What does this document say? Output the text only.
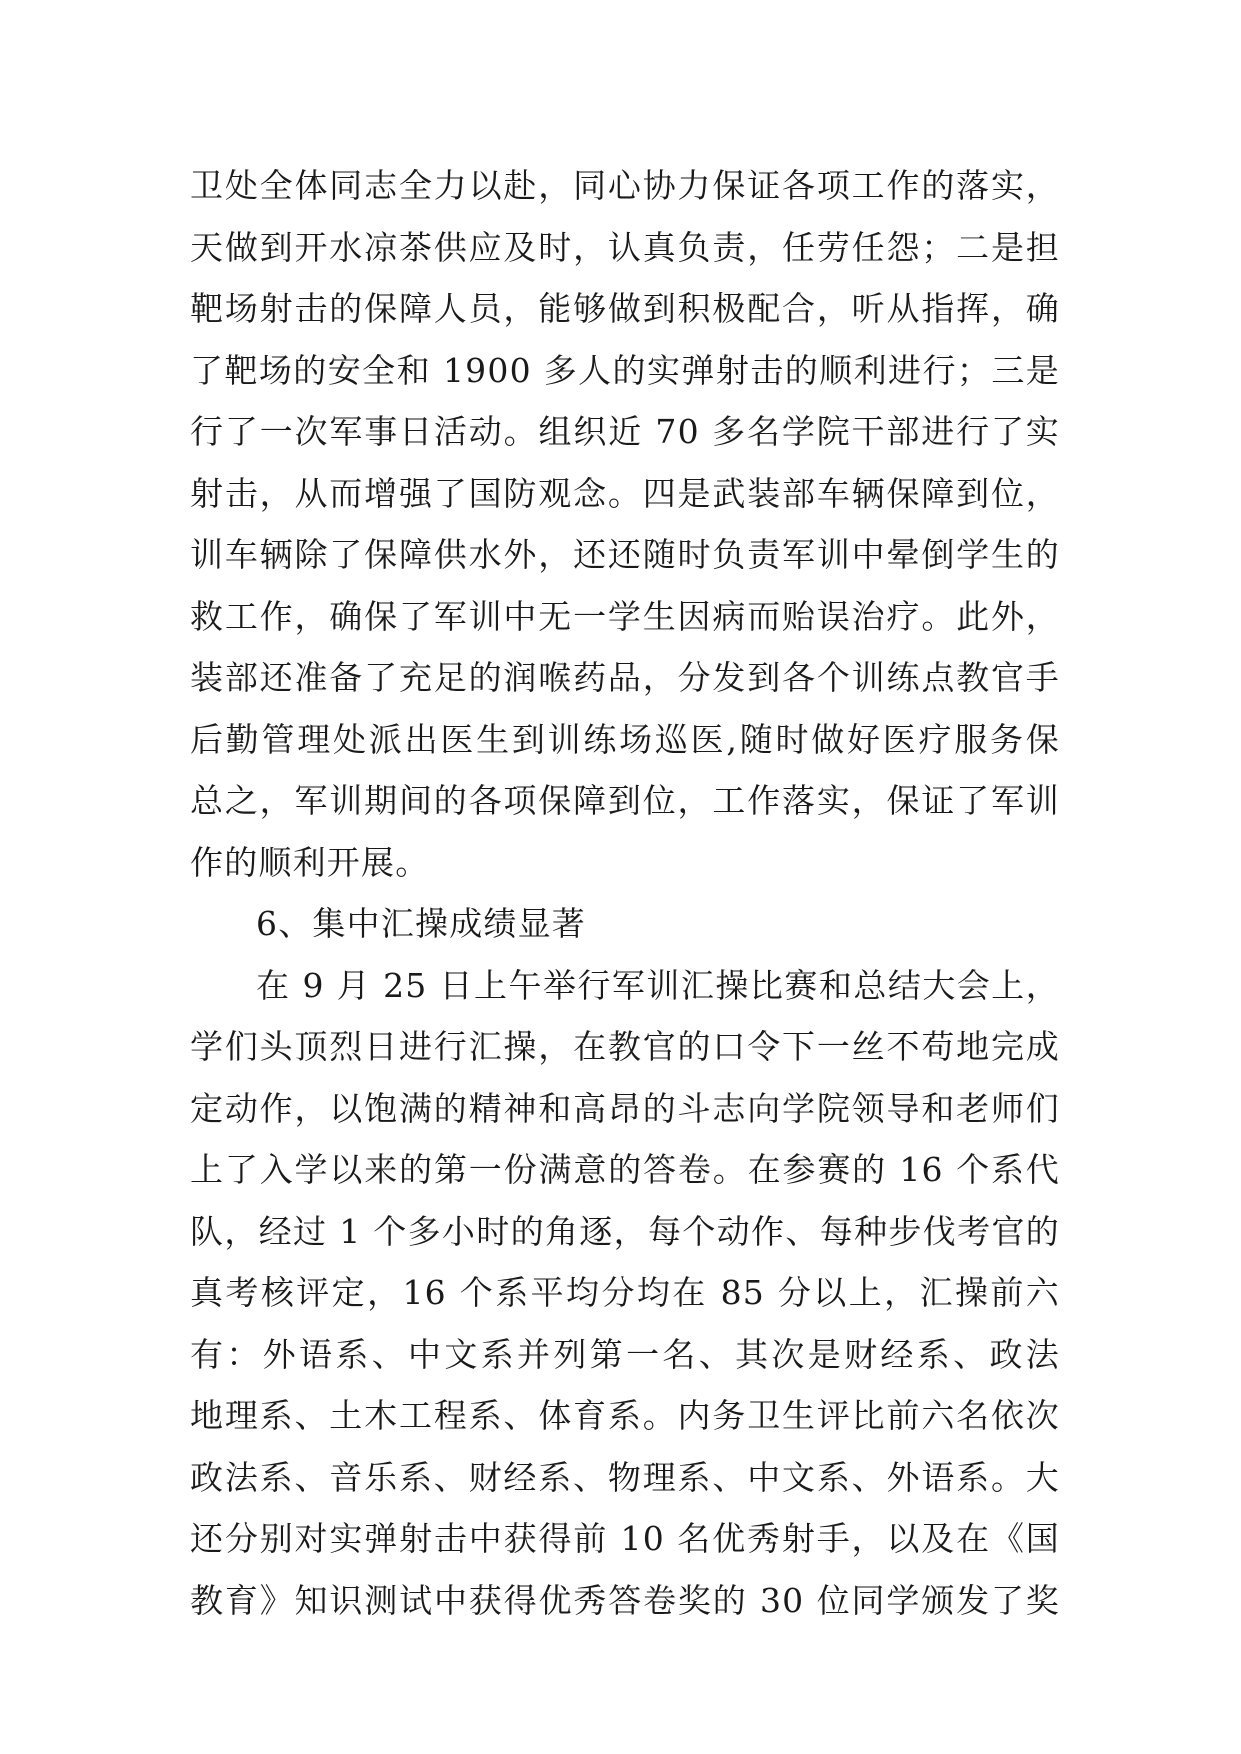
卫处全体同志全力以赴，同心协力保证各项工作的落实，
天做到开水凉茶供应及时，认真负责，任劳任怨；二是担
靶场射击的保障人员，能够做到积极配合，听从指挥，确
了靶场的安全和 1900 多人的实弹射击的顺利进行；三是
行了一次军事日活动。组织近 70 多名学院干部进行了实
射击，从而增强了国防观念。四是武装部车辆保障到位，
训车辆除了保障供水外，还还随时负责军训中晕倒学生的
救工作，确保了军训中无一学生因病而贻误治疗。此外，
装部还准备了充足的润喉药品，分发到各个训练点教官手
后勤管理处派出医生到训练场巡医,随时做好医疗服务保
总之，军训期间的各项保障到位，工作落实，保证了军训
作的顺利开展。
6、集中汇操成绩显著
在 9 月 25 日上午举行军训汇操比赛和总结大会上，
学们头顶烈日进行汇操，在教官的口令下一丝不苟地完成
定动作，以饱满的精神和高昂的斗志向学院领导和老师们
上了入学以来的第一份满意的答卷。在参赛的 16 个系代
队，经过 1 个多小时的角逐，每个动作、每种步伐考官的
真考核评定，16 个系平均分均在 85 分以上，汇操前六
有：外语系、中文系并列第一名、其次是财经系、政法
地理系、土木工程系、体育系。内务卫生评比前六名依次
政法系、音乐系、财经系、物理系、中文系、外语系。大
还分别对实弹射击中获得前 10 名优秀射手，以及在《国
教育》知识测试中获得优秀答卷奖的 30 位同学颁发了奖
